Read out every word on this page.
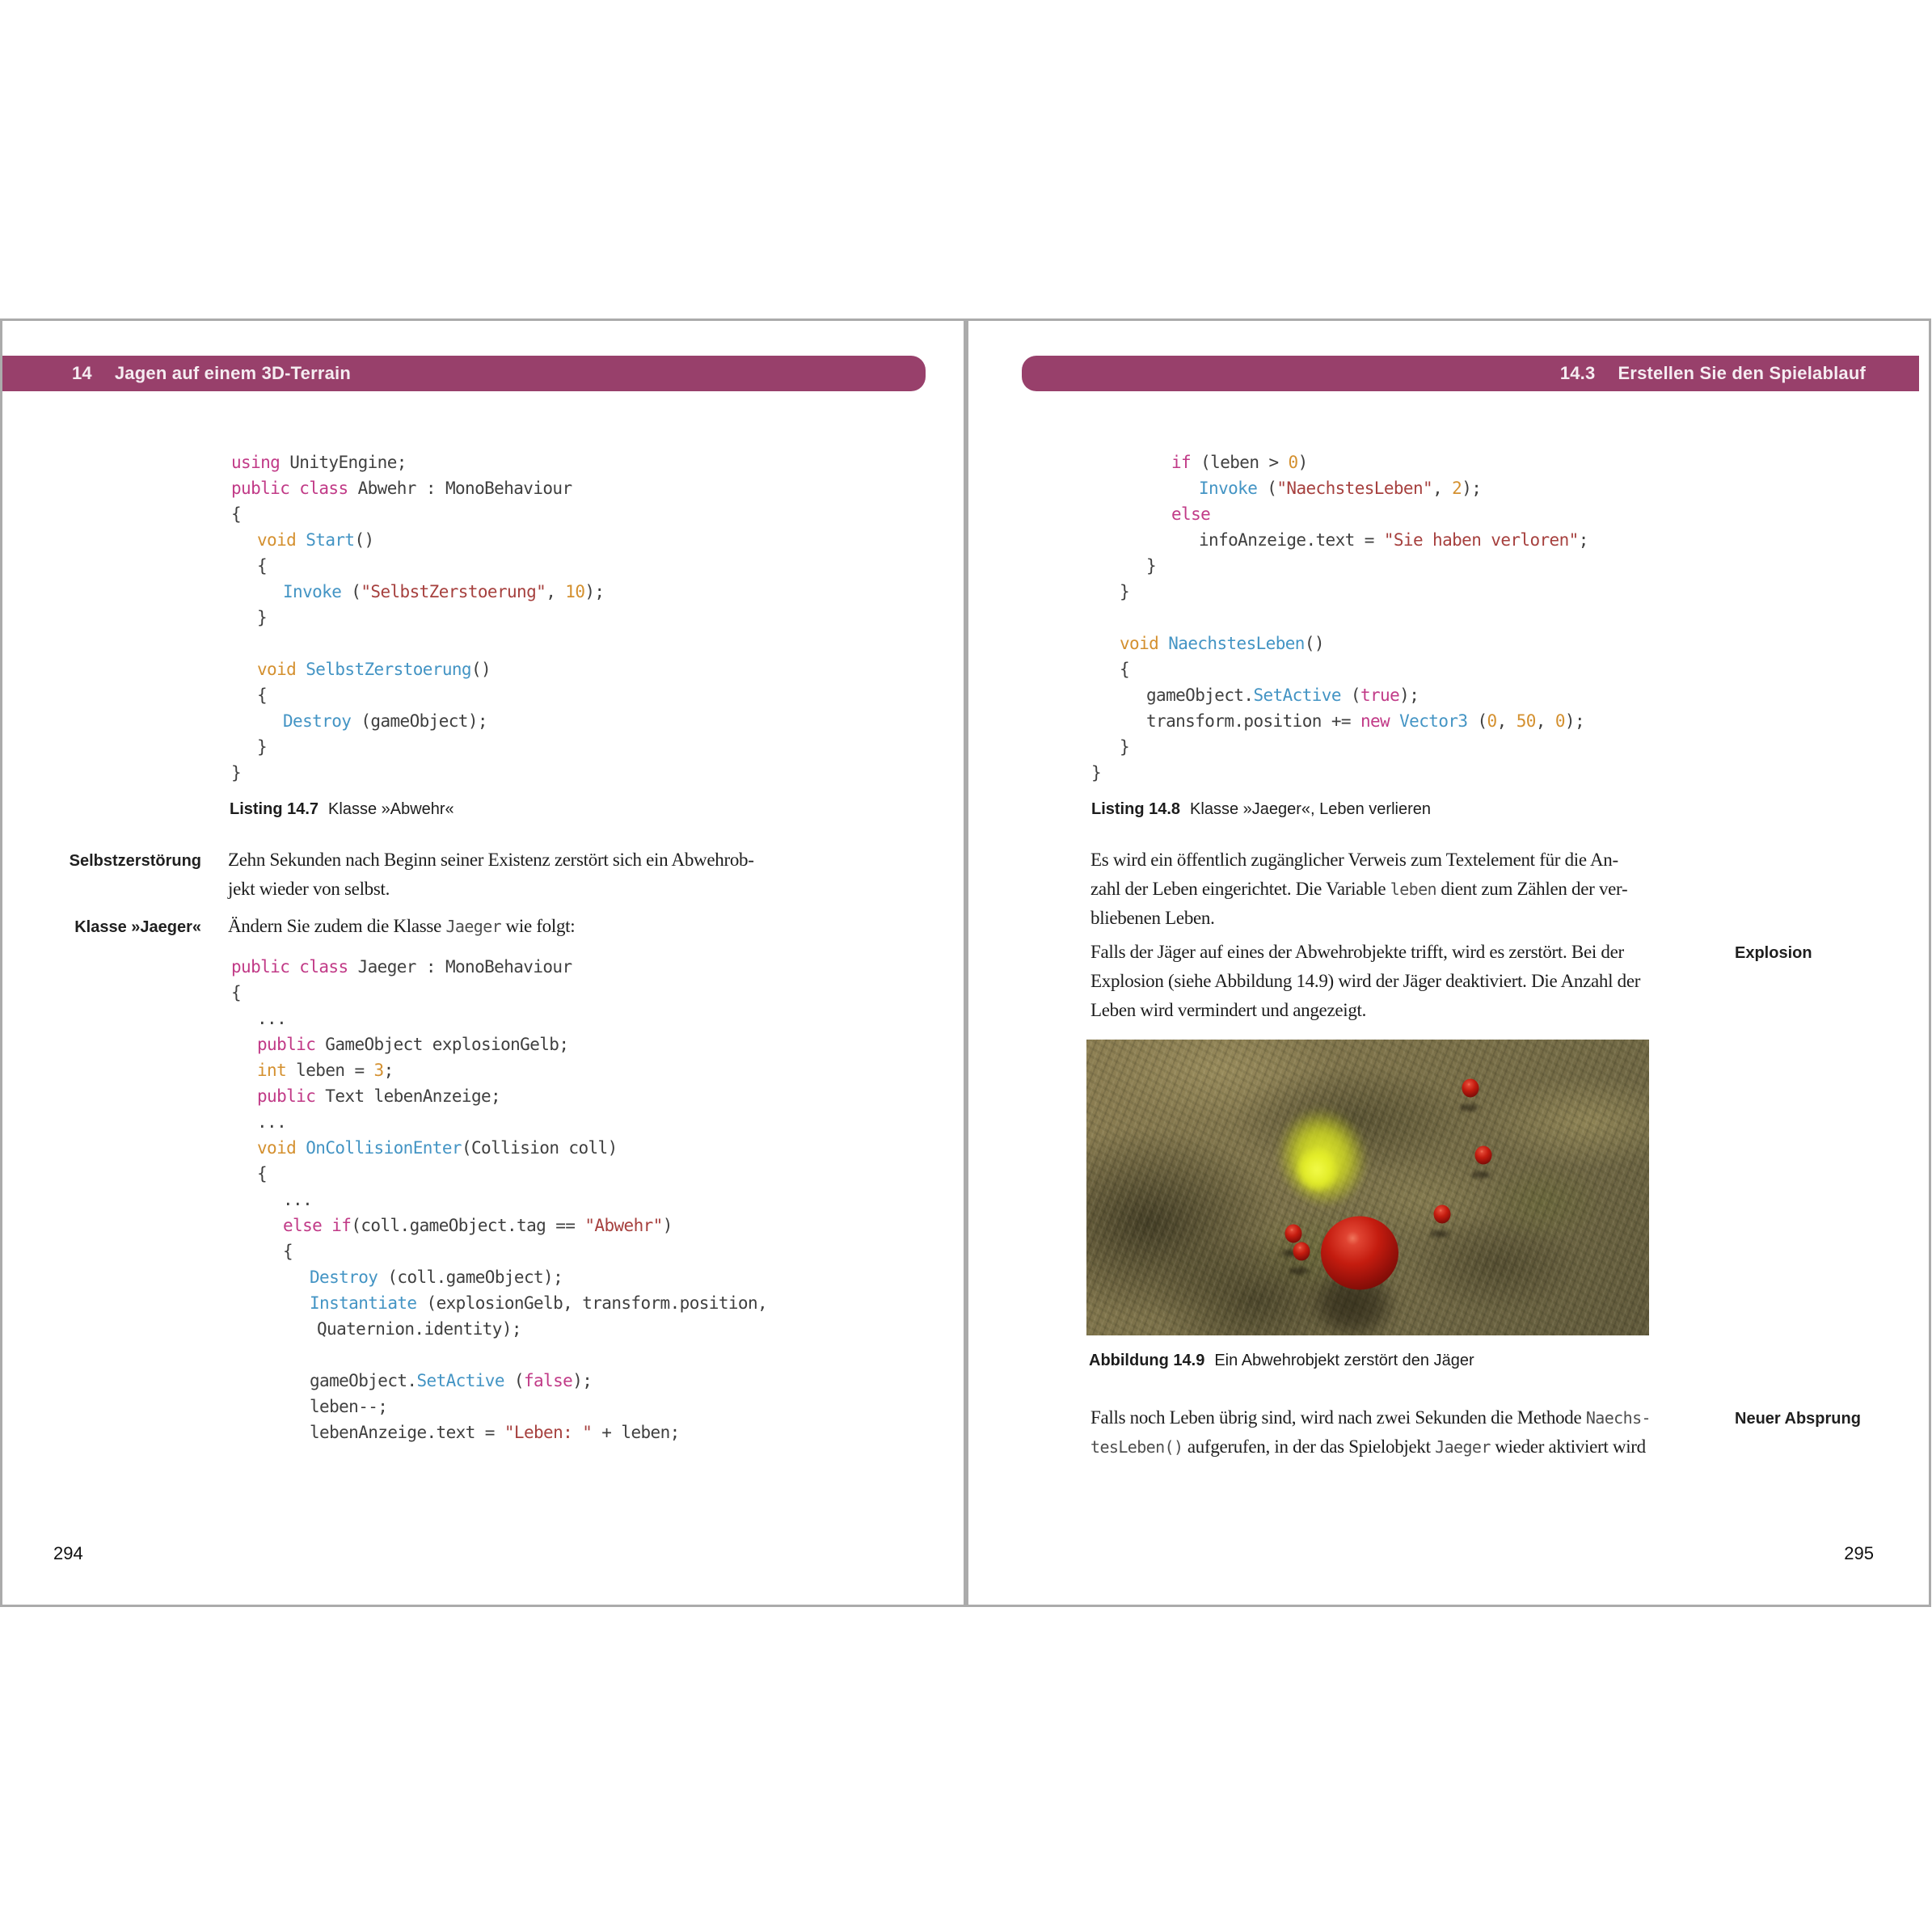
14 Jagen auf einem 3D-Terrain
using UnityEngine;
public class Abwehr : MonoBehaviour
{
void Start()
{
Invoke ("SelbstZerstoerung", 10);
}
void SelbstZerstoerung()
{
Destroy (gameObject);
}
}
Listing 14.7 Klasse »Abwehr«
Selbstzerstörung Zehn Sekunden nach Beginn seiner Existenz zerstört sich ein Abwehrob-
jekt wieder von selbst.
Klasse »Jaeger« Ändern Sie zudem die Klasse Jaeger wie folgt:
public class Jaeger : MonoBehaviour
{
...
public GameObject explosionGelb;
int leben = 3;
public Text lebenAnzeige;
...
void OnCollisionEnter(Collision coll)
{
...
else if(coll.gameObject.tag == "Abwehr")
{
Destroy (coll.gameObject);
Instantiate (explosionGelb, transform.position,
Quaternion.identity);
gameObject.SetActive (false);
leben--;
lebenAnzeige.text = "Leben: " + leben;
294
14.3 Erstellen Sie den Spielablauf
if (leben > 0)
Invoke ("NaechstesLeben", 2);
else
infoAnzeige.text = "Sie haben verloren";
}
}
void NaechstesLeben()
{
gameObject.SetActive (true);
transform.position += new Vector3 (0, 50, 0);
}
}
Listing 14.8 Klasse »Jaeger«, Leben verlieren
Es wird ein öffentlich zugänglicher Verweis zum Textelement für die An-
zahl der Leben eingerichtet. Die Variable leben dient zum Zählen der ver-
bliebenen Leben.
Explosion
Falls der Jäger auf eines der Abwehrobjekte trifft, wird es zerstört. Bei der
Explosion (siehe Abbildung 14.9) wird der Jäger deaktiviert. Die Anzahl der
Leben wird vermindert und angezeigt.
Abbildung 14.9 Ein Abwehrobjekt zerstört den Jäger
Neuer Absprung
Falls noch Leben übrig sind, wird nach zwei Sekunden die Methode Naechs-
tesLeben() aufgerufen, in der das Spielobjekt Jaeger wieder aktiviert wird
295
